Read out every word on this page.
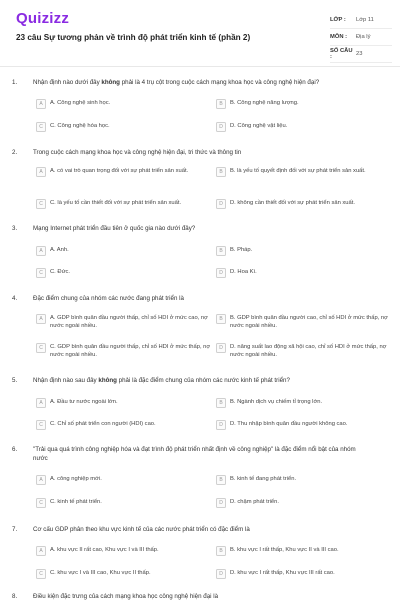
Quizizz
23 câu Sự tương phản về trình độ phát triển kinh tế (phần 2)
LỚP :	Lớp 11
MÔN :	Địa lý
SỐ CÂU :	23
1.	Nhận định nào dưới đây không phải là 4 trụ cột trong cuộc cách mạng khoa học và công nghệ hiện đại?
A	A. Công nghệ sinh học.	B	B. Công nghệ năng lượng.
C	C. Công nghệ hóa học.	D	D. Công nghệ vật liệu.
2.	Trong cuộc cách mạng khoa học và công nghệ hiện đại, tri thức và thông tin
A	A. có vai trò quan trọng đối với sự phát triển sản xuất.	B	B. là yếu tố quyết định đối với sự phát triển sản xuất.
C	C. là yếu tố cần thiết đối với sự phát triển sản xuất.	D	D. không cần thiết đối với sự phát triển sản xuất.
3.	Mạng Internet phát triển đầu tiên ở quốc gia nào dưới đây?
A	A. Anh.	B	B. Pháp.
C	C. Đức.	D	D. Hoa Kì.
4.	Đặc điểm chung của nhóm các nước đang phát triển là
A	A. GDP bình quân đầu người thấp, chỉ số HDI ở mức cao, nợ nước ngoài nhiều.
B	B. GDP bình quân đầu người cao, chỉ số HDI ở mức thấp, nợ nước ngoài nhiều.
C	C. GDP bình quân đầu người thấp, chỉ số HDI ở mức thấp, nợ nước ngoài nhiều.
D	D. năng suất lao động xã hội cao, chỉ số HDI ở mức thấp, nợ nước ngoài nhiều.
5.	Nhận định nào sau đây không phải là đặc điểm chung của nhóm các nước kinh tế phát triển?
A	A. Đầu tư nước ngoài lớn.	B	B. Ngành dịch vụ chiếm tỉ trọng lớn.
C	C. Chỉ số phát triển con người (HDI) cao.	D	D. Thu nhập bình quân đầu người không cao.
6.	"Trải qua quá trình công nghiệp hóa và đạt trình độ phát triển nhất định về công nghiệp" là đặc điểm nổi bật của nhóm nước
A	A. công nghiệp mới.	B	B. kinh tế đang phát triển.
C	C. kinh tế phát triển.	D	D. chậm phát triển.
7.	Cơ cấu GDP phân theo khu vực kinh tế của các nước phát triển có đặc điểm là
A	A. khu vực II rất cao, Khu vực I và III thấp.	B	B. khu vực I rất thấp, Khu vực II và III cao.
C	C. khu vực I và III cao, Khu vực II thấp.	D	D. khu vực I rất thấp, Khu vực III rất cao.
8.	Điều kiện đặc trưng của cách mạng khoa học công nghệ hiện đại là
